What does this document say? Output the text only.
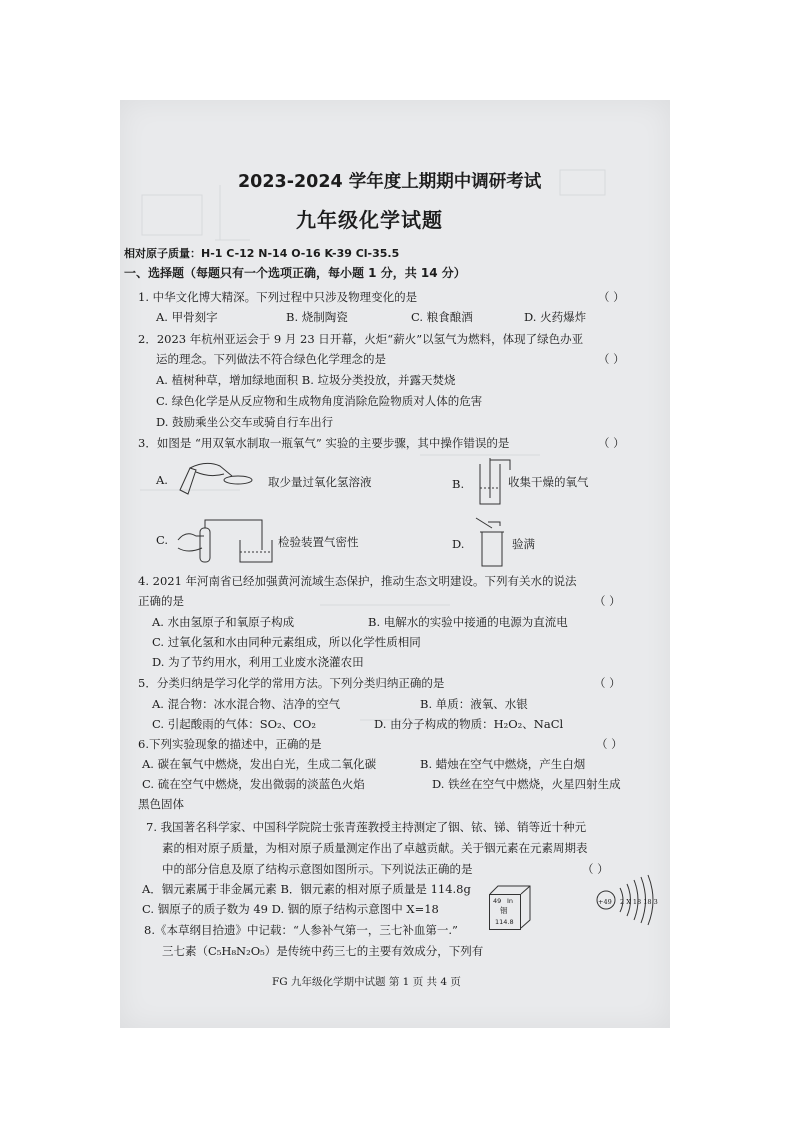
2023-2024 学年度上期期中调研考试
九年级化学试题
相对原子质量：H-1 C-12 N-14 O-16 K-39 Cl-35.5
一、选择题（每题只有一个选项正确，每小题 1 分，共 14 分）
1. 中华文化博大精深。下列过程中只涉及物理变化的是	（ ）
A. 甲骨刻字	B. 烧制陶瓷	C. 粮食酿酒	D. 火药爆炸
2．2023 年杭州亚运会于 9 月 23 日开幕，火炬“薪火”以氢气为燃料，体现了绿色办亚
运的理念。下列做法不符合绿色化学理念的是	（ ）
A. 植树种草，增加绿地面积 B. 垃圾分类投放，并露天焚烧
C. 绿色化学是从反应物和生成物角度消除危险物质对人体的危害
D. 鼓励乘坐公交车或骑自行车出行
3．如图是 “用双氧水制取一瓶氧气” 实验的主要步骤，其中操作错误的是	（ ）
A.	取少量过氧化氢溶液	B.	收集干燥的氧气
C.	检验装置气密性	D.	验满
4. 2021 年河南省已经加强黄河流域生态保护，推动生态文明建设。下列有关水的说法
正确的是	（ ）
A. 水由氢原子和氧原子构成	B. 电解水的实验中接通的电源为直流电
C. 过氧化氢和水由同种元素组成，所以化学性质相同
D. 为了节约用水，利用工业废水浇灌农田
5．分类归纳是学习化学的常用方法。下列分类归纳正确的是	（ ）
A. 混合物：冰水混合物、洁净的空气	B. 单质：液氧、水银
C. 引起酸雨的气体：SO₂、CO₂	D. 由分子构成的物质：H₂O₂、NaCl
6.下列实验现象的描述中，正确的是	（ ）
A. 碳在氧气中燃烧，发出白光，生成二氧化碳	B. 蜡烛在空气中燃烧，产生白烟
C. 硫在空气中燃烧，发出微弱的淡蓝色火焰	D. 铁丝在空气中燃烧，火星四射生成
黑色固体
7. 我国著名科学家、中国科学院院士张青莲教授主持测定了铟、铱、锑、销等近十种元
素的相对原子质量，为相对原子质量测定作出了卓越贡献。关于铟元素在元素周期表
中的部分信息及原了结构示意图如图所示。下列说法正确的是	（ ）
A．铟元素属于非金属元素 B．铟元素的相对原子质量是 114.8g
C. 铟原子的质子数为 49 D. 铟的原子结构示意图中 X=18
49 In
铟
114.8
+49 2 X 18 18 3
8.《本草纲目拾遗》中记载：“人参补气第一，三七补血第一.”
三七素（C₅H₈N₂O₅）是传统中药三七的主要有效成分，下列有
FG 九年级化学期中试题 第 1 页 共 4 页
